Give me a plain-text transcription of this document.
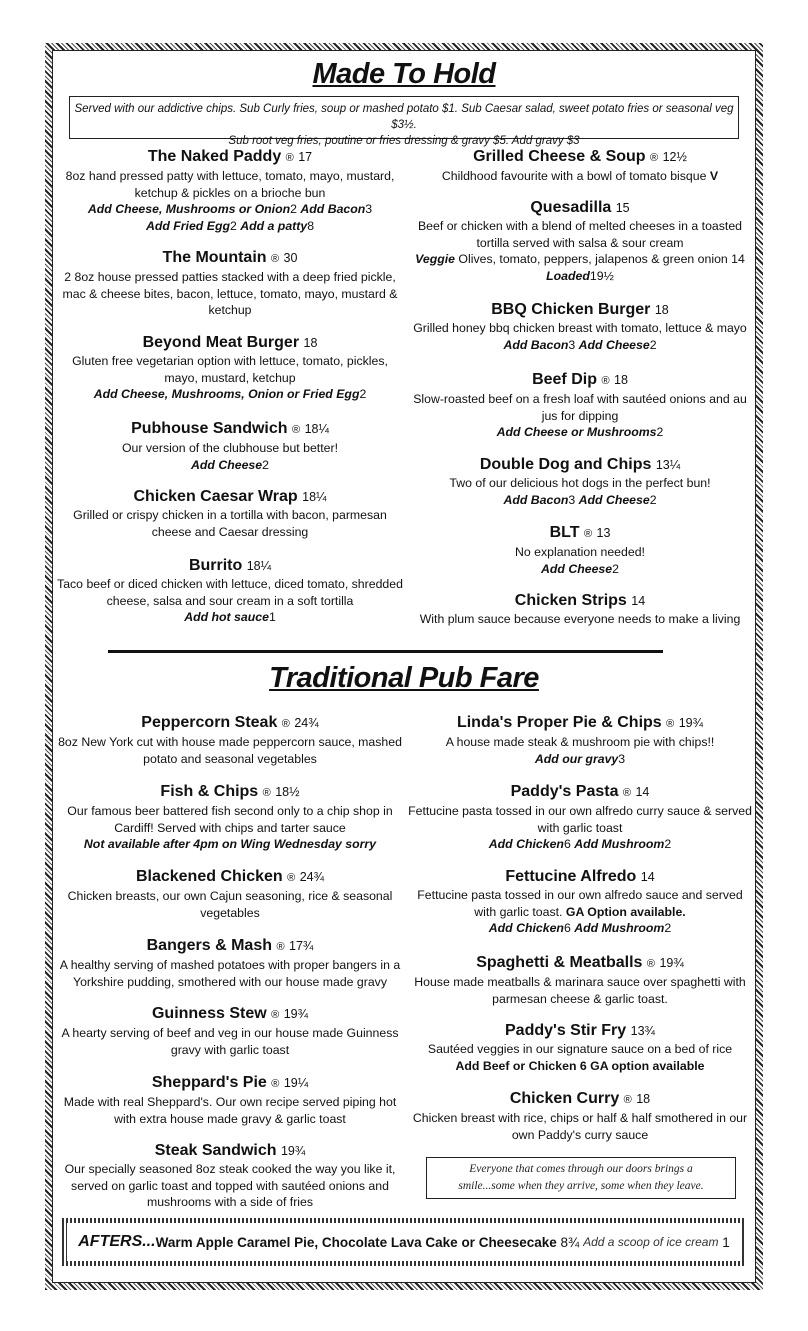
Made To Hold
Served with our addictive chips. Sub Curly fries, soup or mashed potato $1. Sub Caesar salad, sweet potato fries or seasonal veg $3½.
Sub root veg fries, poutine or fries dressing & gravy $5. Add gravy $3
Traditional Pub Fare
The Naked Paddy ® 17
8oz hand pressed patty with lettuce, tomato, mayo, mustard, ketchup & pickles on a brioche bun
Add Cheese, Mushrooms or Onion2 Add Bacon3
Add Fried Egg2 Add a patty8
The Mountain ® 30
2 8oz house pressed patties stacked with a deep fried pickle, mac & cheese bites, bacon, lettuce, tomato, mayo, mustard & ketchup
Beyond Meat Burger 18
Gluten free vegetarian option with lettuce, tomato, pickles, mayo, mustard, ketchup
Add Cheese, Mushrooms, Onion or Fried Egg2
Pubhouse Sandwich ® 18¼
Our version of the clubhouse but better!
Add Cheese2
Chicken Caesar Wrap 18¼
Grilled or crispy chicken in a tortilla with bacon, parmesan cheese and Caesar dressing
Burrito 18¼
Taco beef or diced chicken with lettuce, diced tomato, shredded cheese, salsa and sour cream in a soft tortilla
Add hot sauce1
Grilled Cheese & Soup ® 12½
Childhood favourite with a bowl of tomato bisque V
Quesadilla 15
Beef or chicken with a blend of melted cheeses in a toasted tortilla served with salsa & sour cream
Veggie Olives, tomato, peppers, jalapenos & green onion 14
Loaded19½
BBQ Chicken Burger 18
Grilled honey bbq chicken breast with tomato, lettuce & mayo
Add Bacon3 Add Cheese2
Beef Dip ® 18
Slow-roasted beef on a fresh loaf with sautéed onions and au jus for dipping
Add Cheese or Mushrooms2
Double Dog and Chips 13¼
Two of our delicious hot dogs in the perfect bun!
Add Bacon3 Add Cheese2
BLT ® 13
No explanation needed!
Add Cheese2
Chicken Strips 14
With plum sauce because everyone needs to make a living
Peppercorn Steak ® 24¾
8oz New York cut with house made peppercorn sauce, mashed potato and seasonal vegetables
Fish & Chips ® 18½
Our famous beer battered fish second only to a chip shop in Cardiff! Served with chips and tarter sauce
Not available after 4pm on Wing Wednesday sorry
Blackened Chicken ® 24¾
Chicken breasts, our own Cajun seasoning, rice & seasonal vegetables
Bangers & Mash ® 17¾
A healthy serving of mashed potatoes with proper bangers in a Yorkshire pudding, smothered with our house made gravy
Guinness Stew ® 19¾
A hearty serving of beef and veg in our house made Guinness gravy with garlic toast
Sheppard's Pie ® 19¼
Made with real Sheppard's. Our own recipe served piping hot with extra house made gravy & garlic toast
Steak Sandwich 19¾
Our specially seasoned 8oz steak cooked the way you like it, served on garlic toast and topped with sautéed onions and mushrooms with a side of fries
Linda's Proper Pie & Chips ® 19¾
A house made steak & mushroom pie with chips!!
Add our gravy3
Paddy's Pasta ® 14
Fettucine pasta tossed in our own alfredo curry sauce & served with garlic toast
Add Chicken6 Add Mushroom2
Fettucine Alfredo 14
Fettucine pasta tossed in our own alfredo sauce and served with garlic toast. GA Option available.
Add Chicken6 Add Mushroom2
Spaghetti & Meatballs ® 19¾
House made meatballs & marinara sauce over spaghetti with parmesan cheese & garlic toast.
Paddy's Stir Fry 13¾
Sautéed veggies in our signature sauce on a bed of rice
Add Beef or Chicken 6 GA option available
Chicken Curry ® 18
Chicken breast with rice, chips or half & half smothered in our own Paddy's curry sauce
Everyone that comes through our doors brings a
smile...some when they arrive, some when they leave.
AFTERS... Warm Apple Caramel Pie, Chocolate Lava Cake or Cheesecake
8¾
Add a scoop of ice cream
1
